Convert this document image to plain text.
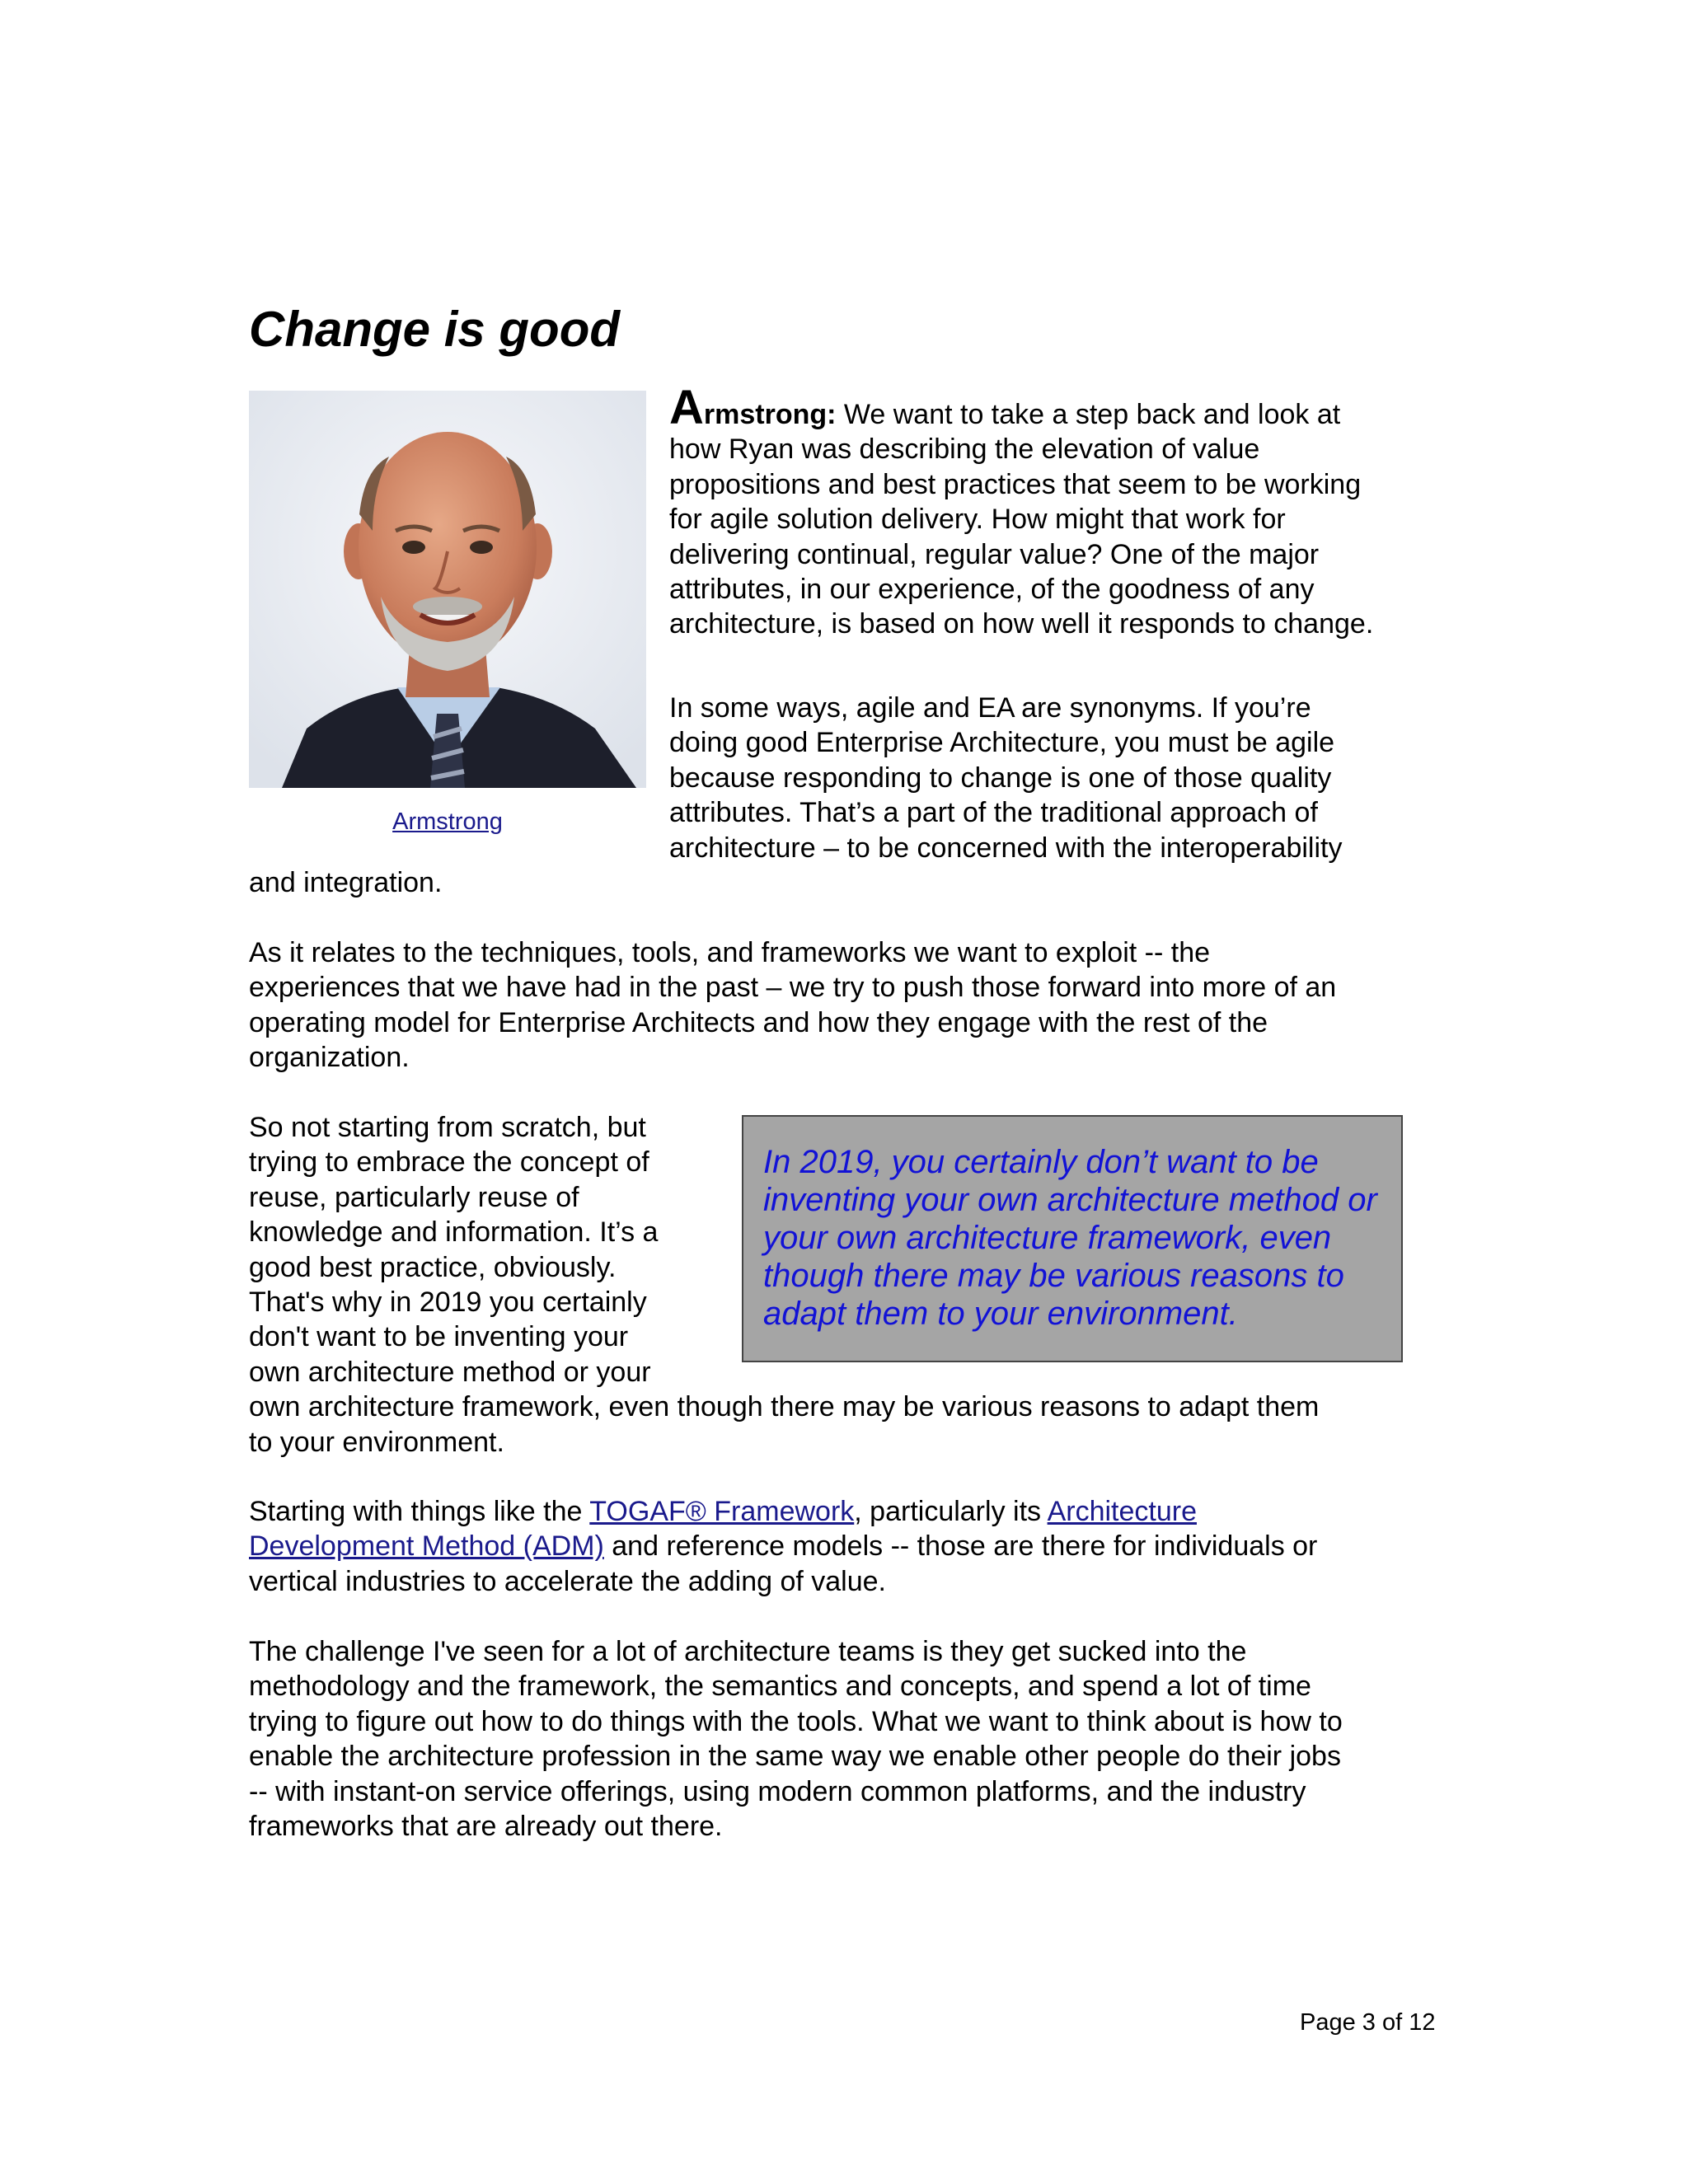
Change is good
Armstrong
Armstrong: We want to take a step back and look at
how Ryan was describing the elevation of value
propositions and best practices that seem to be working
for agile solution delivery. How might that work for
delivering continual, regular value? One of the major
attributes, in our experience, of the goodness of any
architecture, is based on how well it responds to change.
In some ways, agile and EA are synonyms. If you’re
doing good Enterprise Architecture, you must be agile
because responding to change is one of those quality
attributes. That’s a part of the traditional approach of
architecture – to be concerned with the interoperability
and integration.
As it relates to the techniques, tools, and frameworks we want to exploit -- the
experiences that we have had in the past – we try to push those forward into more of an
operating model for Enterprise Architects and how they engage with the rest of the
organization.
So not starting from scratch, but
trying to embrace the concept of
reuse, particularly reuse of
knowledge and information. It’s a
good best practice, obviously.
That's why in 2019 you certainly
don't want to be inventing your
own architecture method or your
own architecture framework, even though there may be various reasons to adapt them
to your environment.
In 2019, you certainly don’t want to be
inventing your own architecture method or
your own architecture framework, even
though there may be various reasons to
adapt them to your environment.
Starting with things like the TOGAF® Framework, particularly its Architecture
Development Method (ADM) and reference models -- those are there for individuals or
vertical industries to accelerate the adding of value.
The challenge I've seen for a lot of architecture teams is they get sucked into the
methodology and the framework, the semantics and concepts, and spend a lot of time
trying to figure out how to do things with the tools. What we want to think about is how to
enable the architecture profession in the same way we enable other people do their jobs
-- with instant-on service offerings, using modern common platforms, and the industry
frameworks that are already out there.
Page 3 of 12
